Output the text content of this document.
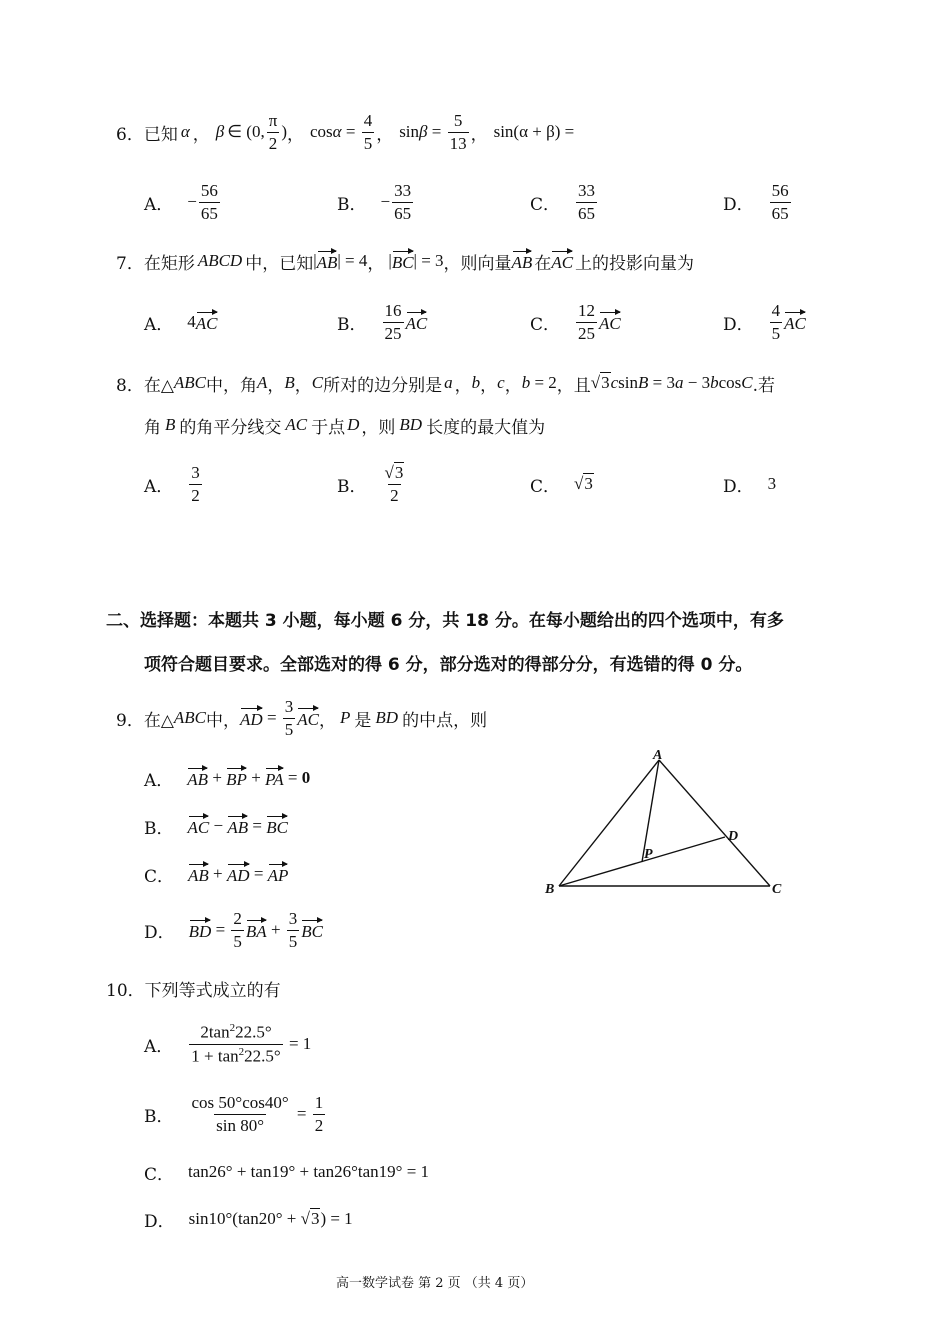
6． 已知 α ， β ∈ (0, $\frac{\pi}{2}$ ) ， $\cos \alpha = \frac{4}{5}$ ， $\sin \beta = \frac{5}{13}$ ， sin(α + β) =
A． − $\frac{56}{65}$	B． − $\frac{33}{65}$	C． $\frac{33}{65}$	D． $\frac{56}{65}$
7． 在矩形 ABCD 中，已知 | AB | = 4 ， | BC | = 3 ，则向量 AB 在 AC 上的投影向量为
A． 4 AC	B． $\frac{16}{25}$ AC	C． $\frac{12}{25}$ AC	D． $\frac{4}{5}$ AC
8． 在△ ABC 中，角 A ， B ， C 所对的边分别是 a ， b ， c ， b = 2 ，且 √3 c sin B = 3 a − 3 b cos C .若
角 B 的角平分线交 AC 于点 D ，则 BD 长度的最大值为
A． $\frac{3}{2}$	B． $\frac{√3}{2}$	C． √3	D． 3
二、选择题：本题共 3 小题，每小题 6 分，共 18 分。在每小题给出的四个选项中，有多
项符合题目要求。全部选对的得 6 分，部分选对的得部分分，有选错的得 0 分。
9． 在△ ABC 中， AD = $\frac{3}{5}$ AC ， P 是 BD 的中点，则
A． AB + BP + PA = 0
B． AC − AB = BC
C． AB + AD = AP
D． BD = $\frac{2}{5}$ BA + $\frac{3}{5}$ BC
A
B	C
D
P
10．下列等式成立的有
A． $\frac{2\tan^222.5^\circ}{1 + \tan^222.5^\circ} = 1$
B． $\frac{\cos 50^\circ\cos 40^\circ}{\sin 80^\circ} = \frac{1}{2}$
C． tan26° + tan19° + tan26°tan19° = 1
D． sin10°(tan20° + √3 ) = 1
高一数学试卷 第 2 页 （共 4 页）
